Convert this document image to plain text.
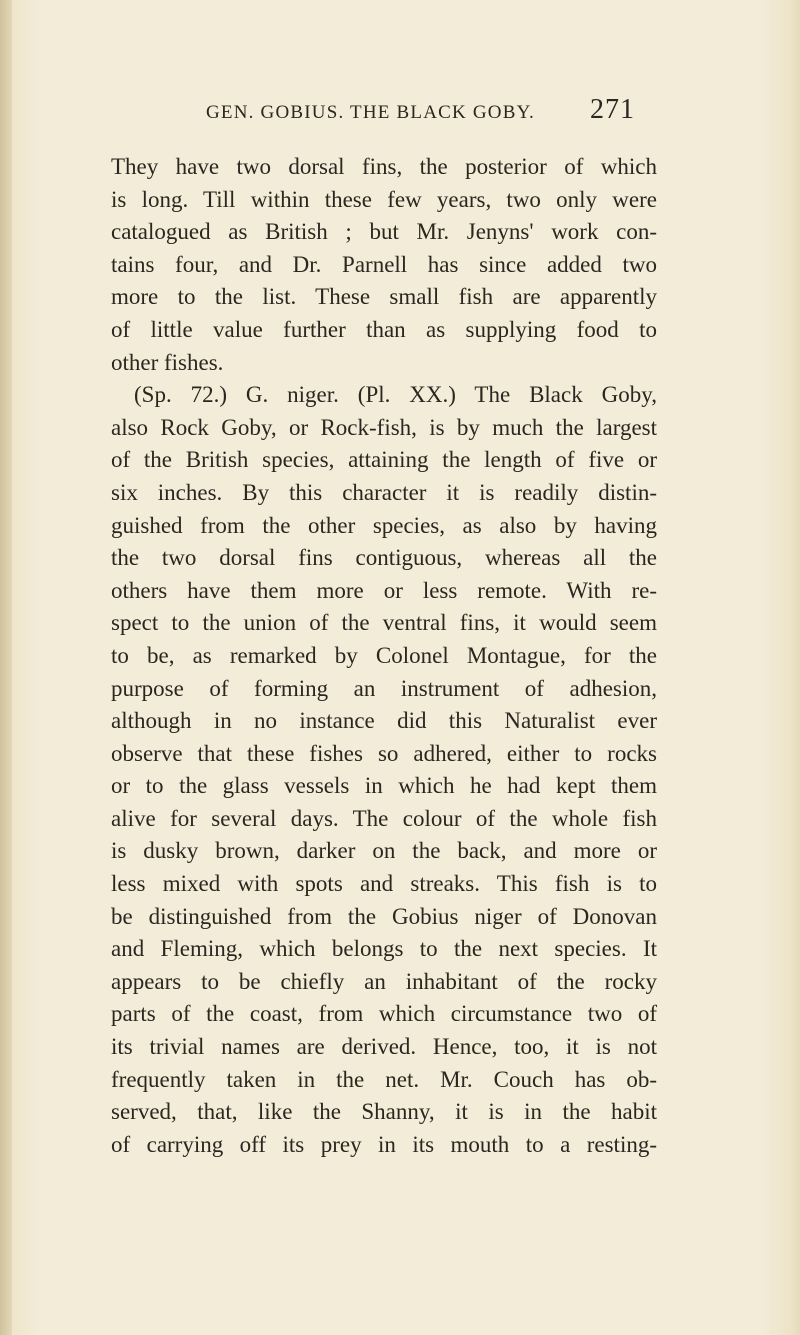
GEN. GOBIUS. THE BLACK GOBY. 271
They have two dorsal fins, the posterior of which
is long. Till within these few years, two only were
catalogued as British ; but Mr. Jenyns' work con-
tains four, and Dr. Parnell has since added two
more to the list. These small fish are apparently
of little value further than as supplying food to
other fishes.
(Sp. 72.) G. niger. (Pl. XX.) The Black Goby,
also Rock Goby, or Rock-fish, is by much the largest
of the British species, attaining the length of five or
six inches. By this character it is readily distin-
guished from the other species, as also by having
the two dorsal fins contiguous, whereas all the
others have them more or less remote. With re-
spect to the union of the ventral fins, it would seem
to be, as remarked by Colonel Montague, for the
purpose of forming an instrument of adhesion,
although in no instance did this Naturalist ever
observe that these fishes so adhered, either to rocks
or to the glass vessels in which he had kept them
alive for several days. The colour of the whole fish
is dusky brown, darker on the back, and more or
less mixed with spots and streaks. This fish is to
be distinguished from the Gobius niger of Donovan
and Fleming, which belongs to the next species. It
appears to be chiefly an inhabitant of the rocky
parts of the coast, from which circumstance two of
its trivial names are derived. Hence, too, it is not
frequently taken in the net. Mr. Couch has ob-
served, that, like the Shanny, it is in the habit
of carrying off its prey in its mouth to a resting-
